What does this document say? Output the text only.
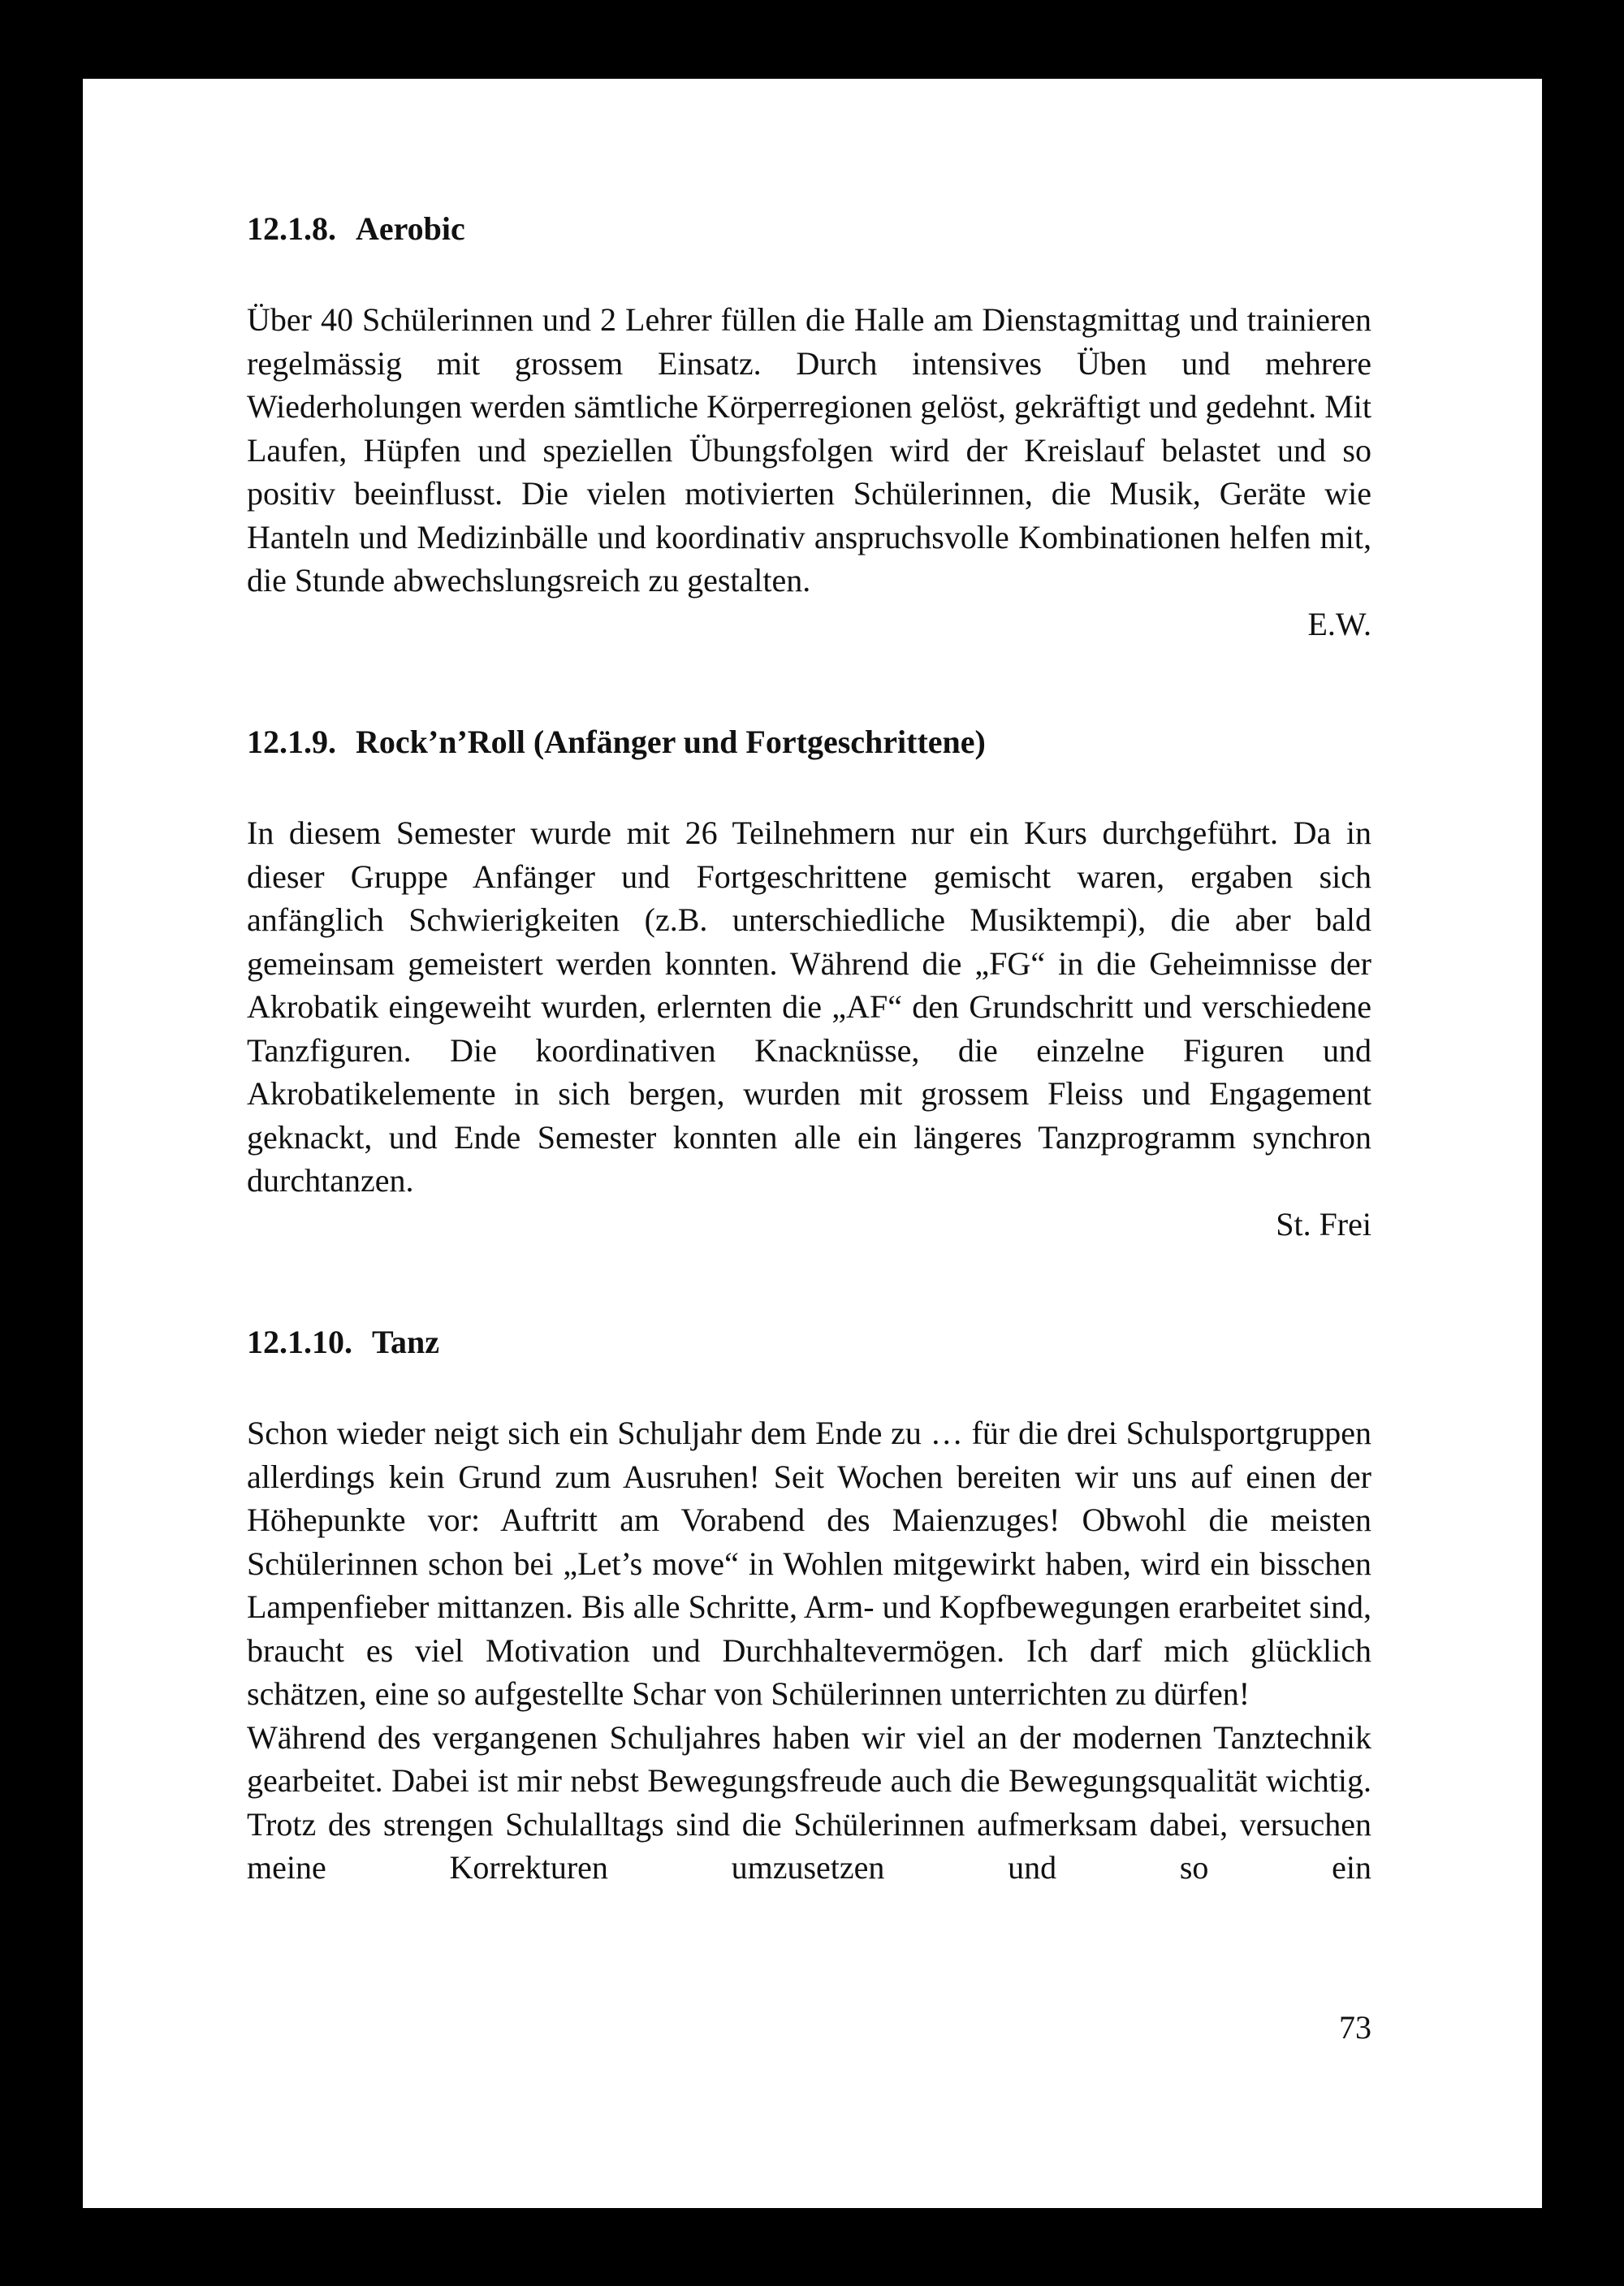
12.1.8. Aerobic

Über 40 Schülerinnen und 2 Lehrer füllen die Halle am Dienstagmittag und trainieren regelmässig mit grossem Einsatz. Durch intensives Üben und mehrere Wiederholungen werden sämtliche Körperregionen gelöst, gekräftigt und gedehnt. Mit Laufen, Hüpfen und speziellen Übungsfolgen wird der Kreislauf belastet und so positiv beeinflusst. Die vielen motivierten Schülerinnen, die Musik, Geräte wie Hanteln und Medizinbälle und koordinativ anspruchsvolle Kombinationen helfen mit, die Stunde abwechslungsreich zu gestalten.

E.W.

12.1.9. Rock’n’Roll (Anfänger und Fortgeschrittene)

In diesem Semester wurde mit 26 Teilnehmern nur ein Kurs durchgeführt. Da in dieser Gruppe Anfänger und Fortgeschrittene gemischt waren, ergaben sich anfänglich Schwierigkeiten (z.B. unterschiedliche Musiktempi), die aber bald gemeinsam gemeistert werden konnten. Während die „FG“ in die Geheimnisse der Akrobatik eingeweiht wurden, erlernten die „AF“ den Grundschritt und verschiedene Tanzfiguren. Die koordinativen Knacknüsse, die einzelne Figuren und Akrobatikelemente in sich bergen, wurden mit grossem Fleiss und Engagement geknackt, und Ende Semester konnten alle ein längeres Tanzprogramm synchron durchtanzen.

St. Frei

12.1.10. Tanz

Schon wieder neigt sich ein Schuljahr dem Ende zu … für die drei Schulsportgruppen allerdings kein Grund zum Ausruhen! Seit Wochen bereiten wir uns auf einen der Höhepunkte vor: Auftritt am Vorabend des Maienzuges! Obwohl die meisten Schülerinnen schon bei „Let’s move“ in Wohlen mitgewirkt haben, wird ein bisschen Lampenfieber mittanzen. Bis alle Schritte, Arm- und Kopfbewegungen erarbeitet sind, braucht es viel Motivation und Durchhaltevermögen. Ich darf mich glücklich schätzen, eine so aufgestellte Schar von Schülerinnen unterrichten zu dürfen!

Während des vergangenen Schuljahres haben wir viel an der modernen Tanztechnik gearbeitet. Dabei ist mir nebst Bewegungsfreude auch die Bewegungsqualität wichtig. Trotz des strengen Schulalltags sind die Schülerinnen aufmerksam dabei, versuchen meine Korrekturen umzusetzen und so ein

73
